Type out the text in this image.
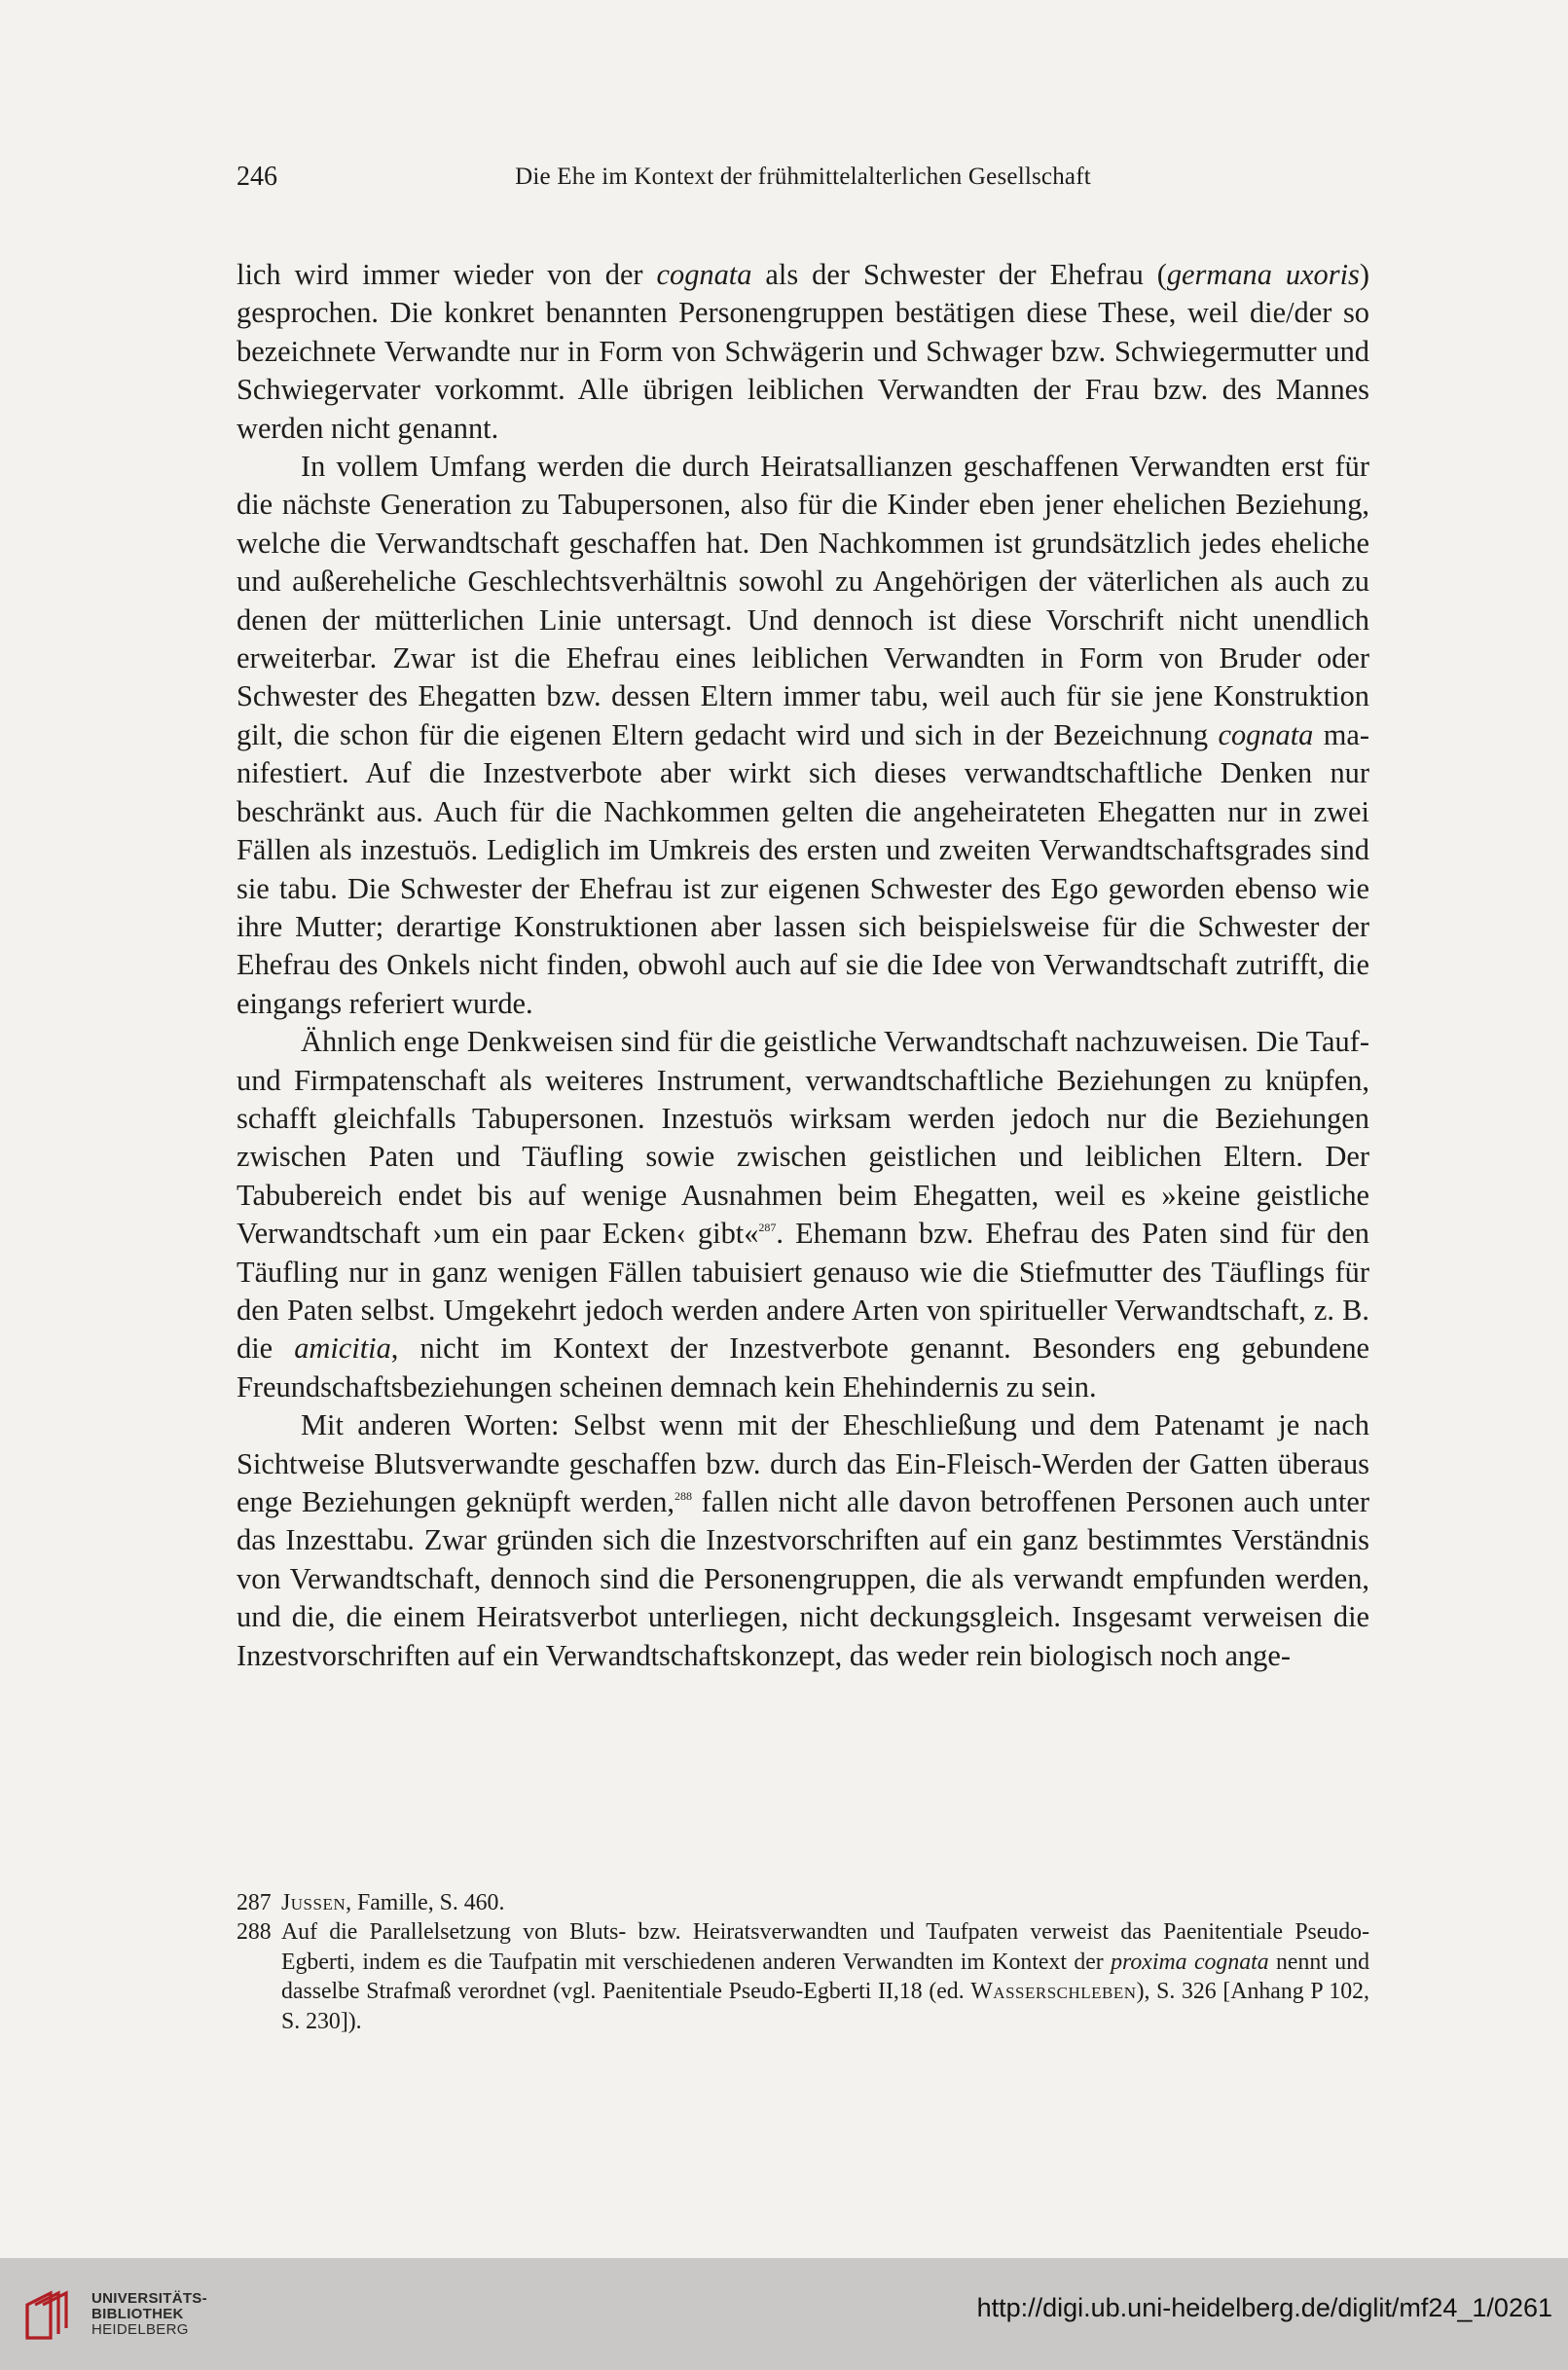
246	Die Ehe im Kontext der frühmittelalterlichen Gesellschaft

lich wird immer wieder von der cognata als der Schwester der Ehefrau (germana uxoris) gesprochen. Die konkret benannten Personengruppen bestätigen diese These, weil die/der so bezeichnete Verwandte nur in Form von Schwägerin und Schwager bzw. Schwiegermutter und Schwiegervater vorkommt. Alle übrigen leiblichen Verwandten der Frau bzw. des Mannes werden nicht genannt.

In vollem Umfang werden die durch Heiratsallianzen geschaffenen Verwandten erst für die nächste Generation zu Tabupersonen, also für die Kinder eben jener ehelichen Beziehung, welche die Verwandtschaft geschaffen hat. Den Nachkommen ist grundsätzlich jedes eheliche und außereheliche Geschlechtsverhältnis sowohl zu Angehörigen der väterlichen als auch zu denen der mütterlichen Linie untersagt. Und dennoch ist diese Vorschrift nicht unendlich erweiterbar. Zwar ist die Ehefrau eines leiblichen Verwandten in Form von Bruder oder Schwester des Ehegatten bzw. dessen Eltern immer tabu, weil auch für sie jene Konstruktion gilt, die schon für die eigenen Eltern gedacht wird und sich in der Bezeichnung cognata manifestiert. Auf die Inzestverbote aber wirkt sich dieses verwandtschaftliche Denken nur beschränkt aus. Auch für die Nachkommen gelten die angeheirateten Ehegatten nur in zwei Fällen als inzestuös. Lediglich im Umkreis des ersten und zweiten Verwandtschaftsgrades sind sie tabu. Die Schwester der Ehefrau ist zur eigenen Schwester des Ego geworden ebenso wie ihre Mutter; derartige Konstruktionen aber lassen sich beispielsweise für die Schwester der Ehefrau des Onkels nicht finden, obwohl auch auf sie die Idee von Verwandtschaft zutrifft, die eingangs referiert wurde.

Ähnlich enge Denkweisen sind für die geistliche Verwandtschaft nachzuweisen. Die Tauf- und Firmpatenschaft als weiteres Instrument, verwandtschaftliche Beziehungen zu knüpfen, schafft gleichfalls Tabupersonen. Inzestuös wirksam werden jedoch nur die Beziehungen zwischen Paten und Täufling sowie zwischen geistlichen und leiblichen Eltern. Der Tabubereich endet bis auf wenige Ausnahmen beim Ehegatten, weil es »keine geistliche Verwandtschaft ›um ein paar Ecken‹ gibt«$^{287}$. Ehemann bzw. Ehefrau des Paten sind für den Täufling nur in ganz wenigen Fällen tabuisiert genauso wie die Stiefmutter des Täuflings für den Paten selbst. Umgekehrt jedoch werden andere Arten von spiritueller Verwandtschaft, z. B. die amicitia, nicht im Kontext der Inzestverbote genannt. Besonders eng gebundene Freundschaftsbeziehungen scheinen demnach kein Ehehindernis zu sein.

Mit anderen Worten: Selbst wenn mit der Eheschließung und dem Patenamt je nach Sichtweise Blutsverwandte geschaffen bzw. durch das Ein-Fleisch-Werden der Gatten überaus enge Beziehungen geknüpft werden,$^{288}$ fallen nicht alle davon betroffenen Personen auch unter das Inzesttabu. Zwar gründen sich die Inzestvorschriften auf ein ganz bestimmtes Verständnis von Verwandtschaft, dennoch sind die Personengruppen, die als verwandt empfunden werden, und die, die einem Heiratsverbot unterliegen, nicht deckungsgleich. Insgesamt verweisen die Inzestvorschriften auf ein Verwandtschaftskonzept, das weder rein biologisch noch ange-

287 Jussen, Famille, S. 460.
288 Auf die Parallelsetzung von Bluts- bzw. Heiratsverwandten und Taufpaten verweist das Paenitentiale Pseudo-Egberti, indem es die Taufpatin mit verschiedenen anderen Verwandten im Kontext der proxima cognata nennt und dasselbe Strafmaß verordnet (vgl. Paenitentiale Pseudo-Egberti II,18 (ed. Wasserschleben), S. 326 [Anhang P 102, S. 230]).
UNIVERSITÄTS-
BIBLIOTHEK
HEIDELBERG
http://digi.ub.uni-heidelberg.de/diglit/mf24_1/0261
